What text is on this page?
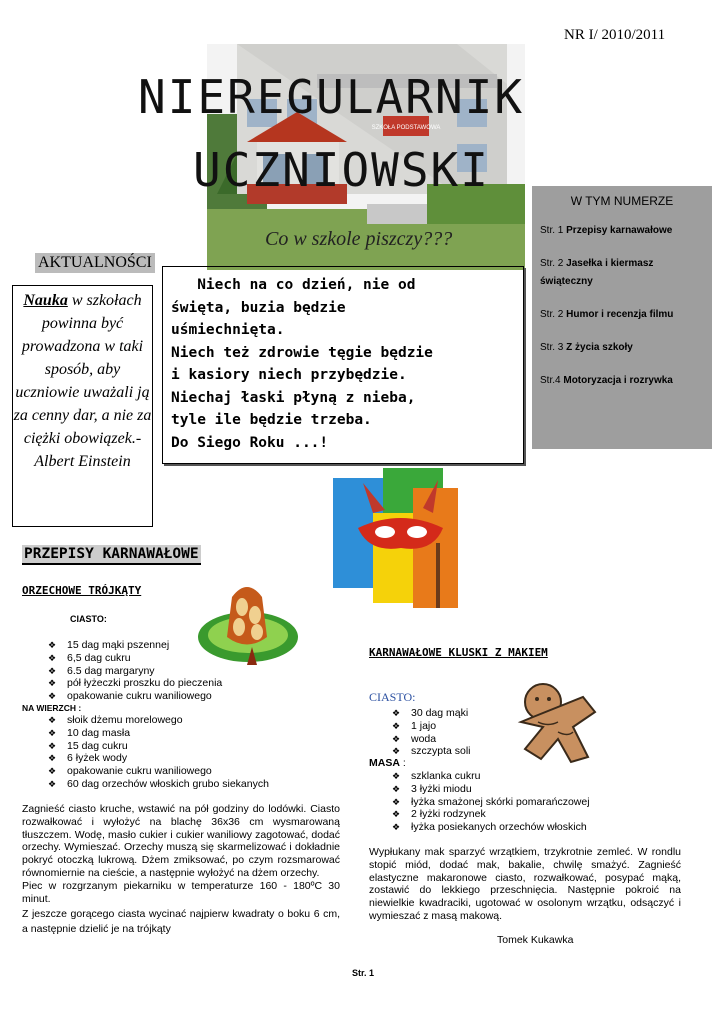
NR I/ 2010/2011
SZKOŁA PODSTAWOWA
NIEREGULARNIK
UCZNIOWSKI
W TYM NUMERZE
Str. 1 Przepisy karnawałowe
Str. 2 Jasełka i kiermasz świąteczny
Str. 2 Humor i recenzja filmu
Str. 3 Z życia szkoły
Str.4 Motoryzacja i rozrywka
Co w szkole piszczy???
AKTUALNOŚCI
Nauka w szkołach powinna być prowadzona w taki sposób, aby uczniowie uważali ją za cenny dar, a nie za ciężki obowiązek.- Albert Einstein
Niech na co dzień, nie od
święta, buzia będzie
uśmiechnięta.
Niech też zdrowie tęgie będzie
i kasiory niech przybędzie.
Niechaj łaski płyną z nieba,
tyle ile będzie trzeba.
Do Siego Roku ...!
PRZEPISY KARNAWAŁOWE
ORZECHOWE TRÓJKĄTY
CIASTO:
❖ 15 dag mąki pszennej
❖ 6,5 dag cukru
❖ 6.5 dag margaryny
❖ pół łyżeczki proszku do pieczenia
❖ opakowanie cukru waniliowego
NA WIERZCH :
❖ słoik dżemu morelowego
❖ 10 dag masła
❖ 15 dag cukru
❖ 6 łyżek wody
❖ opakowanie cukru waniliowego
❖ 60 dag orzechów włoskich grubo siekanych
Zagnieść ciasto kruche, wstawić na pół godziny do lodówki. Ciasto rozwałkować i wyłożyć na blachę 36x36 cm wysmarowaną tłuszczem. Wodę, masło cukier i cukier waniliowy zagotować, dodać orzechy. Wymieszać. Orzechy muszą się skarmelizować i dokładnie pokryć otoczką lukrową. Dżem zmiksować, po czym rozsmarować równomiernie na cieście, a następnie wyłożyć na dżem orzechy.
Piec w rozgrzanym piekarniku w temperaturze 160 - 180ºC 30 minut.
Z jeszcze gorącego ciasta wycinać najpierw kwadraty o boku 6 cm, a następnie dzielić je na trójkąty
KARNAWAŁOWE KLUSKI Z MAKIEM
CIASTO:
❖ 30 dag mąki
❖ 1 jajo
❖ woda
❖ szczypta soli
MASA :
❖ szklanka cukru
❖ 3 łyżki miodu
❖ łyżka smażonej skórki pomarańczowej
❖ 2 łyżki rodzynek
❖ łyżka posiekanych orzechów włoskich
Wypłukany mak sparzyć wrzątkiem, trzykrotnie zemleć. W rondlu stopić miód, dodać mak, bakalie, chwilę smażyć. Zagnieść elastyczne makaronowe ciasto, rozwałkować, posypać mąką, zostawić do lekkiego przeschnięcia. Następnie pokroić na niewielkie kwadraciki, ugotować w osolonym wrzątku, odsączyć i wymieszać z masą makową.
Tomek Kukawka
Str. 1
